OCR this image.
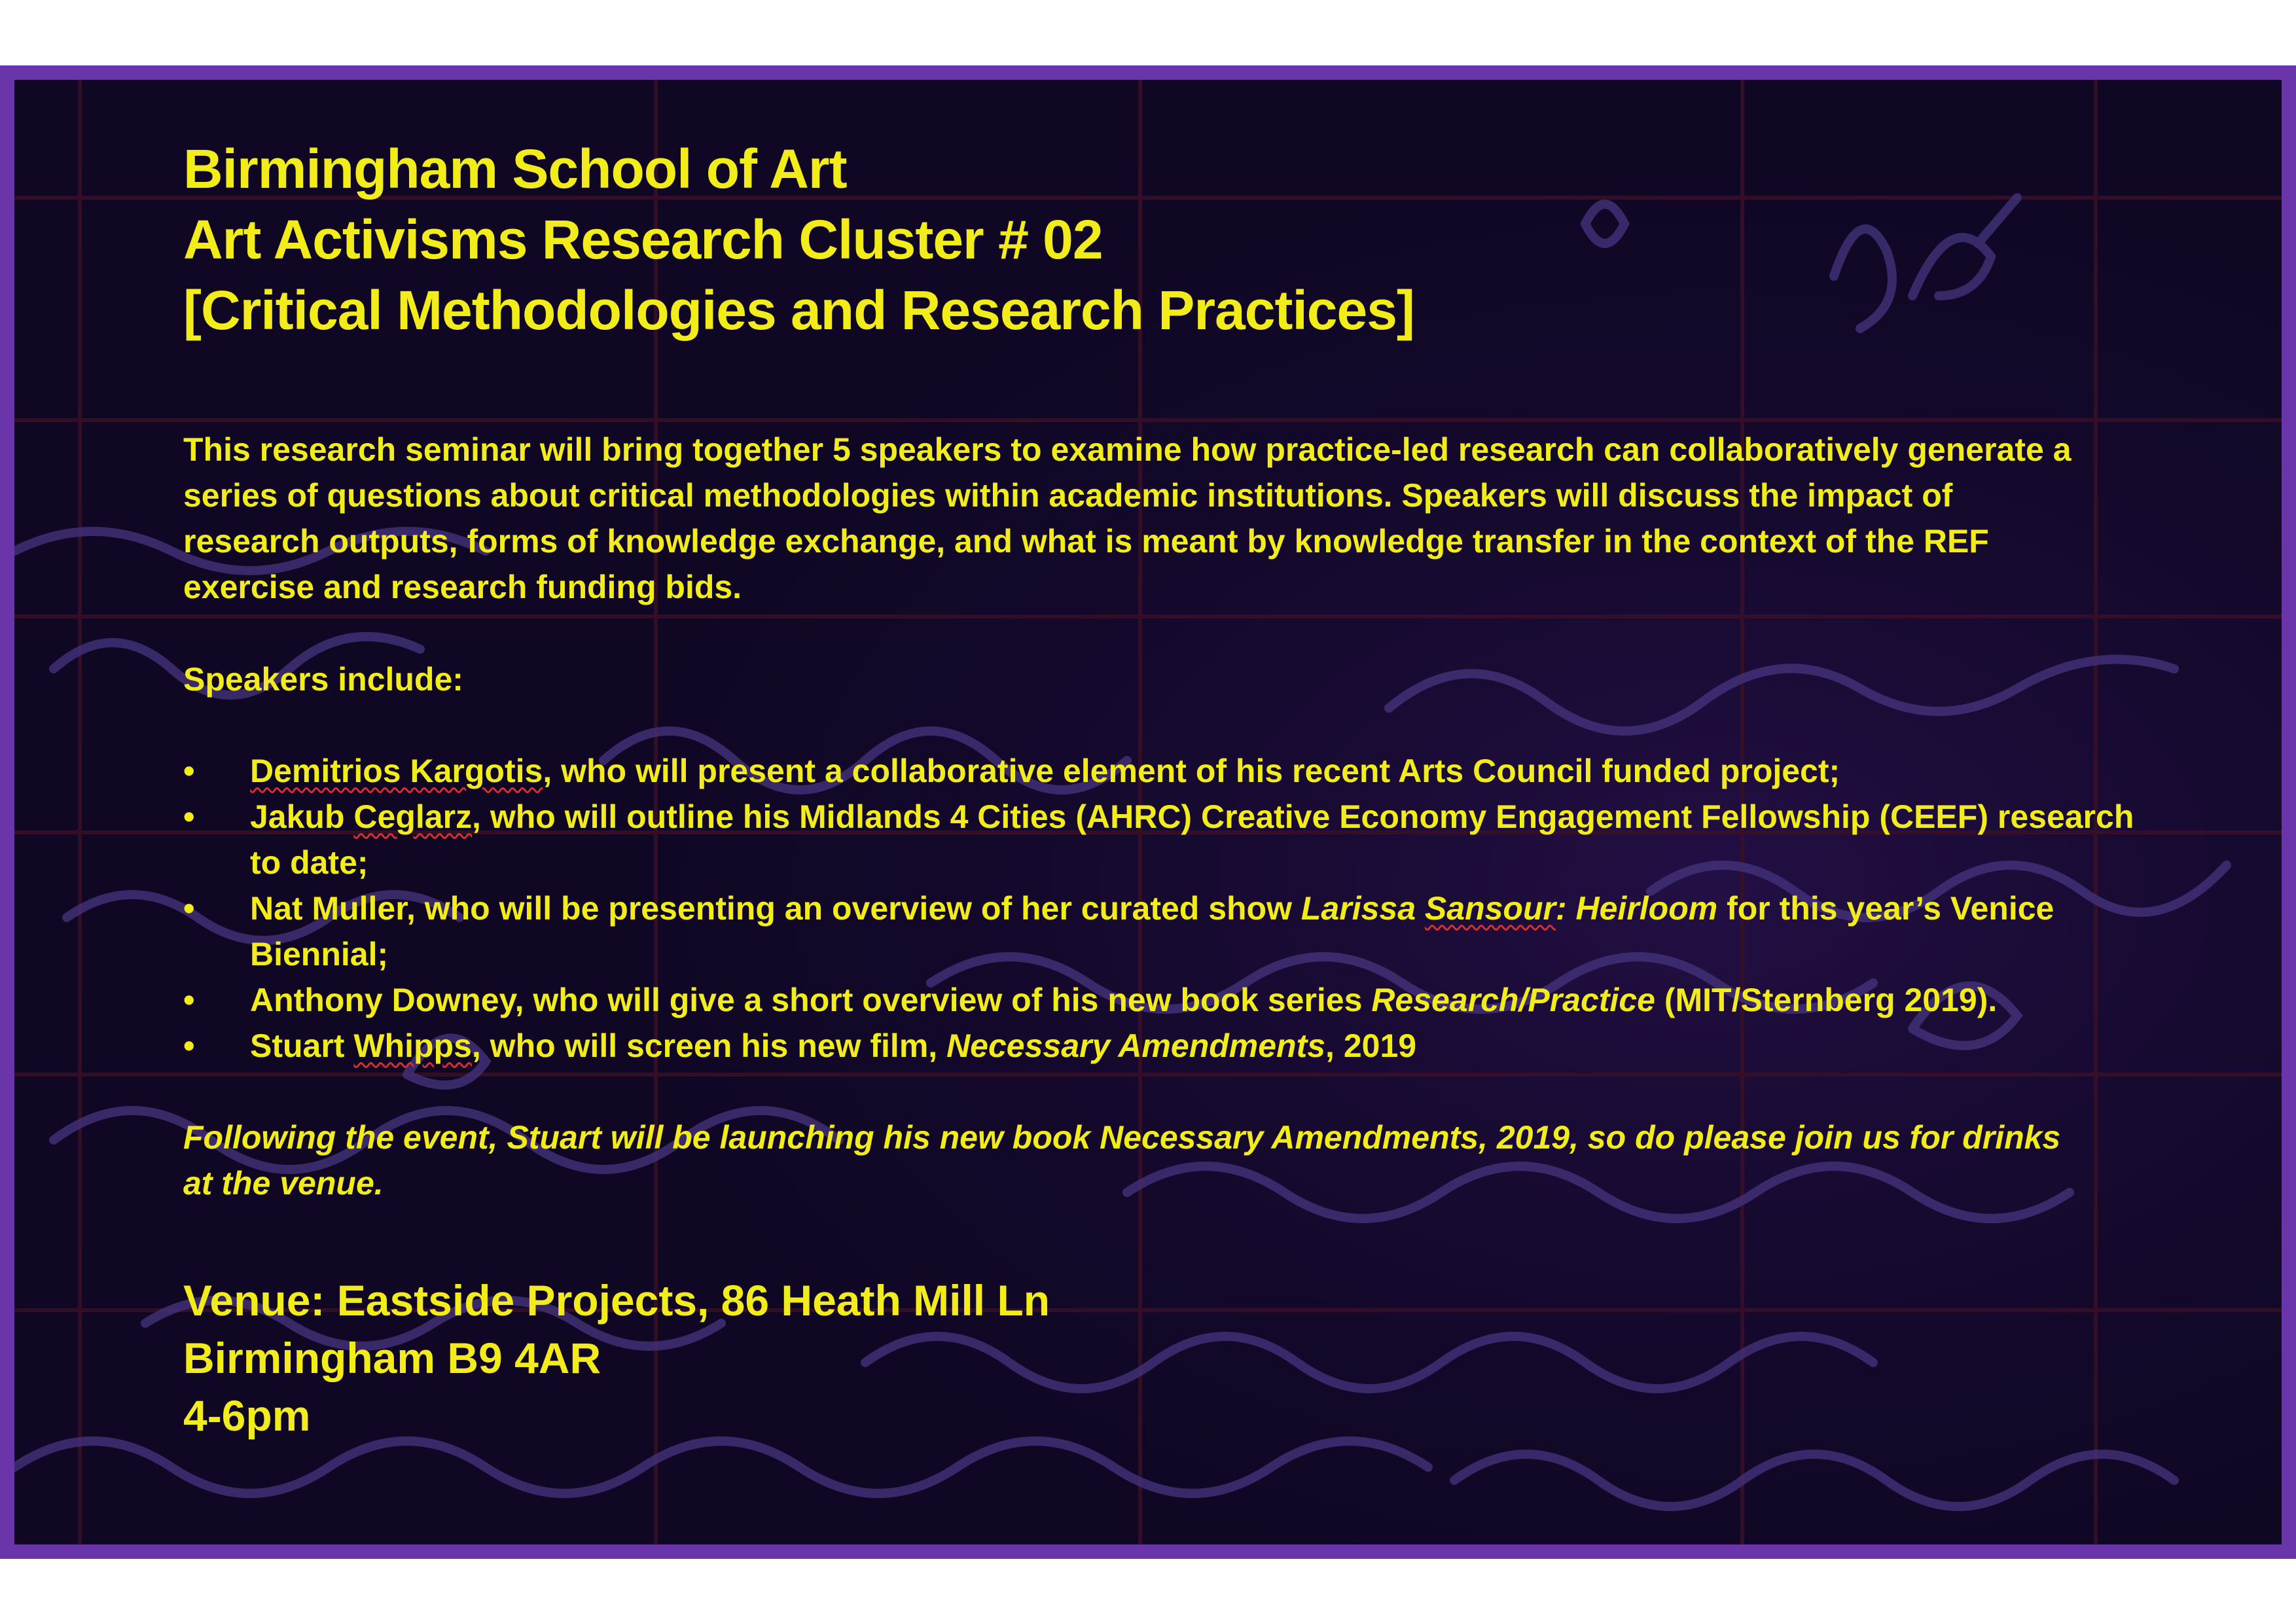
Birmingham School of Art
Art Activisms Research Cluster # 02
[Critical Methodologies and Research Practices]
This research seminar will bring together 5 speakers to examine how practice-led research can collaboratively generate a series of questions about critical methodologies within academic institutions. Speakers will discuss the impact of research outputs, forms of knowledge exchange, and what is meant by knowledge transfer in the context of the REF exercise and research funding bids.
Speakers include:
• Demitrios Kargotis, who will present a collaborative element of his recent Arts Council funded project;
• Jakub Ceglarz, who will outline his Midlands 4 Cities (AHRC) Creative Economy Engagement Fellowship (CEEF) research to date;
• Nat Muller, who will be presenting an overview of her curated show Larissa Sansour: Heirloom for this year’s Venice Biennial;
• Anthony Downey, who will give a short overview of his new book series Research/Practice (MIT/Sternberg 2019).
• Stuart Whipps, who will screen his new film, Necessary Amendments, 2019
Following the event, Stuart will be launching his new book Necessary Amendments, 2019, so do please join us for drinks at the venue.
Venue: Eastside Projects, 86 Heath Mill Ln
Birmingham B9 4AR
4-6pm
